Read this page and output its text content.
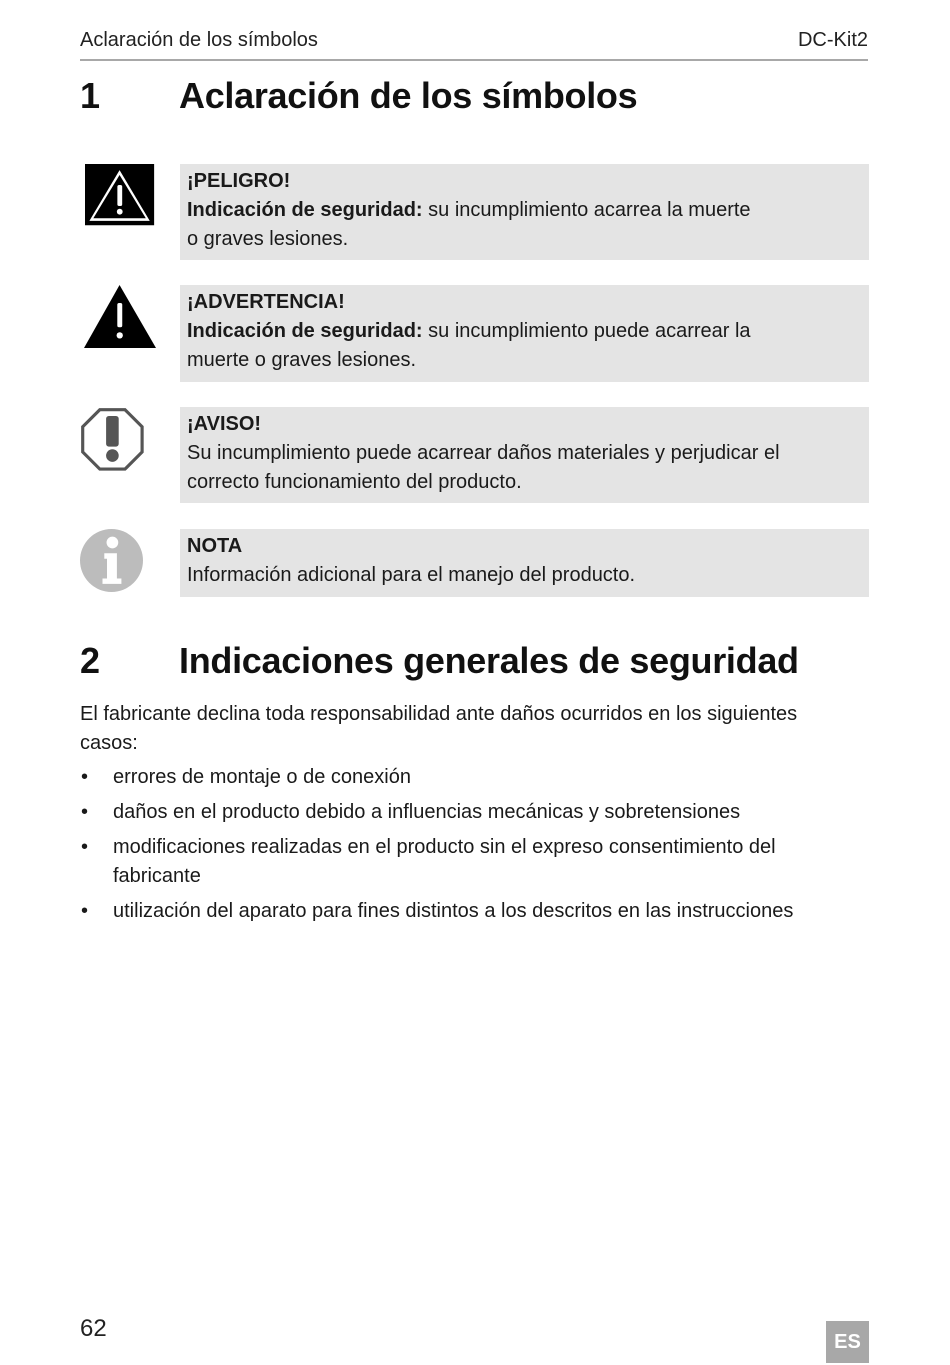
Aclaración de los símbolos	DC-Kit2
1 Aclaración de los símbolos
¡PELIGRO!
Indicación de seguridad: su incumplimiento acarrea la muerte
o graves lesiones.
¡ADVERTENCIA!
Indicación de seguridad: su incumplimiento puede acarrear la
muerte o graves lesiones.
¡AVISO!
Su incumplimiento puede acarrear daños materiales y perjudicar el
correcto funcionamiento del producto.
NOTA
Información adicional para el manejo del producto.
2 Indicaciones generales de seguridad
El fabricante declina toda responsabilidad ante daños ocurridos en los siguientes
casos:
• errores de montaje o de conexión
• daños en el producto debido a influencias mecánicas y sobretensiones
• modificaciones realizadas en el producto sin el expreso consentimiento del
fabricante
• utilización del aparato para fines distintos a los descritos en las instrucciones
62	ES
